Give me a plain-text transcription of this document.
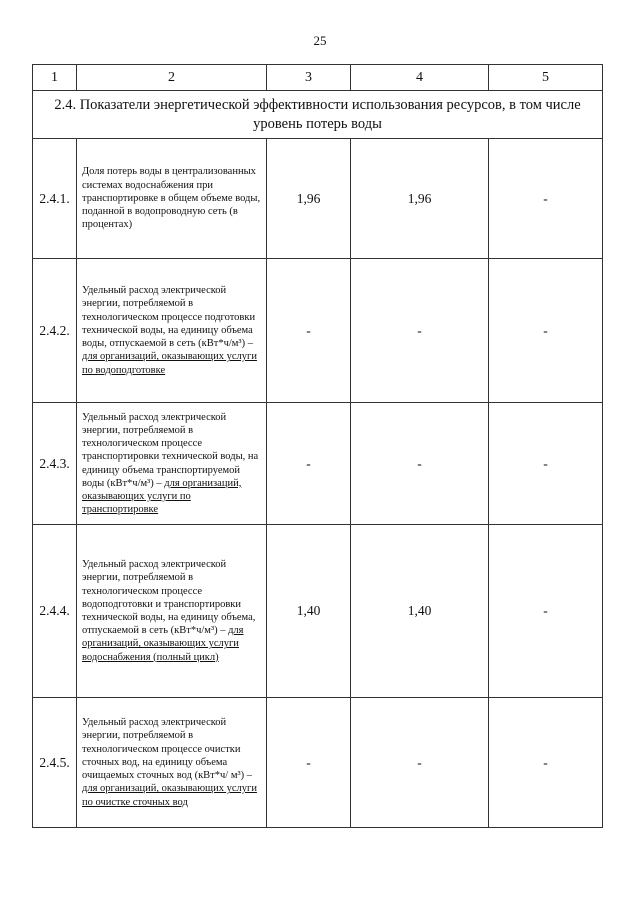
25
1	2	3	4	5
2.4. Показатели энергетической эффективности использования ресурсов, в том числе уровень потерь воды				
2.4.1.	Доля потерь воды в централизованных системах водоснабжения при транспортировке в общем объеме воды, поданной в водопроводную сеть (в процентах)	1,96	1,96	-
2.4.2.	Удельный расход электрической энергии, потребляемой в технологическом процессе подготовки технической воды, на единицу объема воды, отпускаемой в сеть (кВт*ч/м³) – для организаций, оказывающих услуги по водоподготовке	-	-	-
2.4.3.	Удельный расход электрической энергии, потребляемой в технологическом процессе транспортировки технической воды, на единицу объема транспортируемой воды (кВт*ч/м³) – для организаций, оказывающих услуги по транспортировке	-	-	-
2.4.4.	Удельный расход электрической энергии, потребляемой в технологическом процессе водоподготовки и транспортировки технической воды, на единицу объема, отпускаемой в сеть (кВт*ч/м³) – для организаций, оказывающих услуги водоснабжения (полный цикл)	1,40	1,40	-
2.4.5.	Удельный расход электрической энергии, потребляемой в технологическом процессе очистки сточных вод, на единицу объема очищаемых сточных вод (кВт*ч/ м³) – для организаций, оказывающих услуги по очистке сточных вод	-	-	-
